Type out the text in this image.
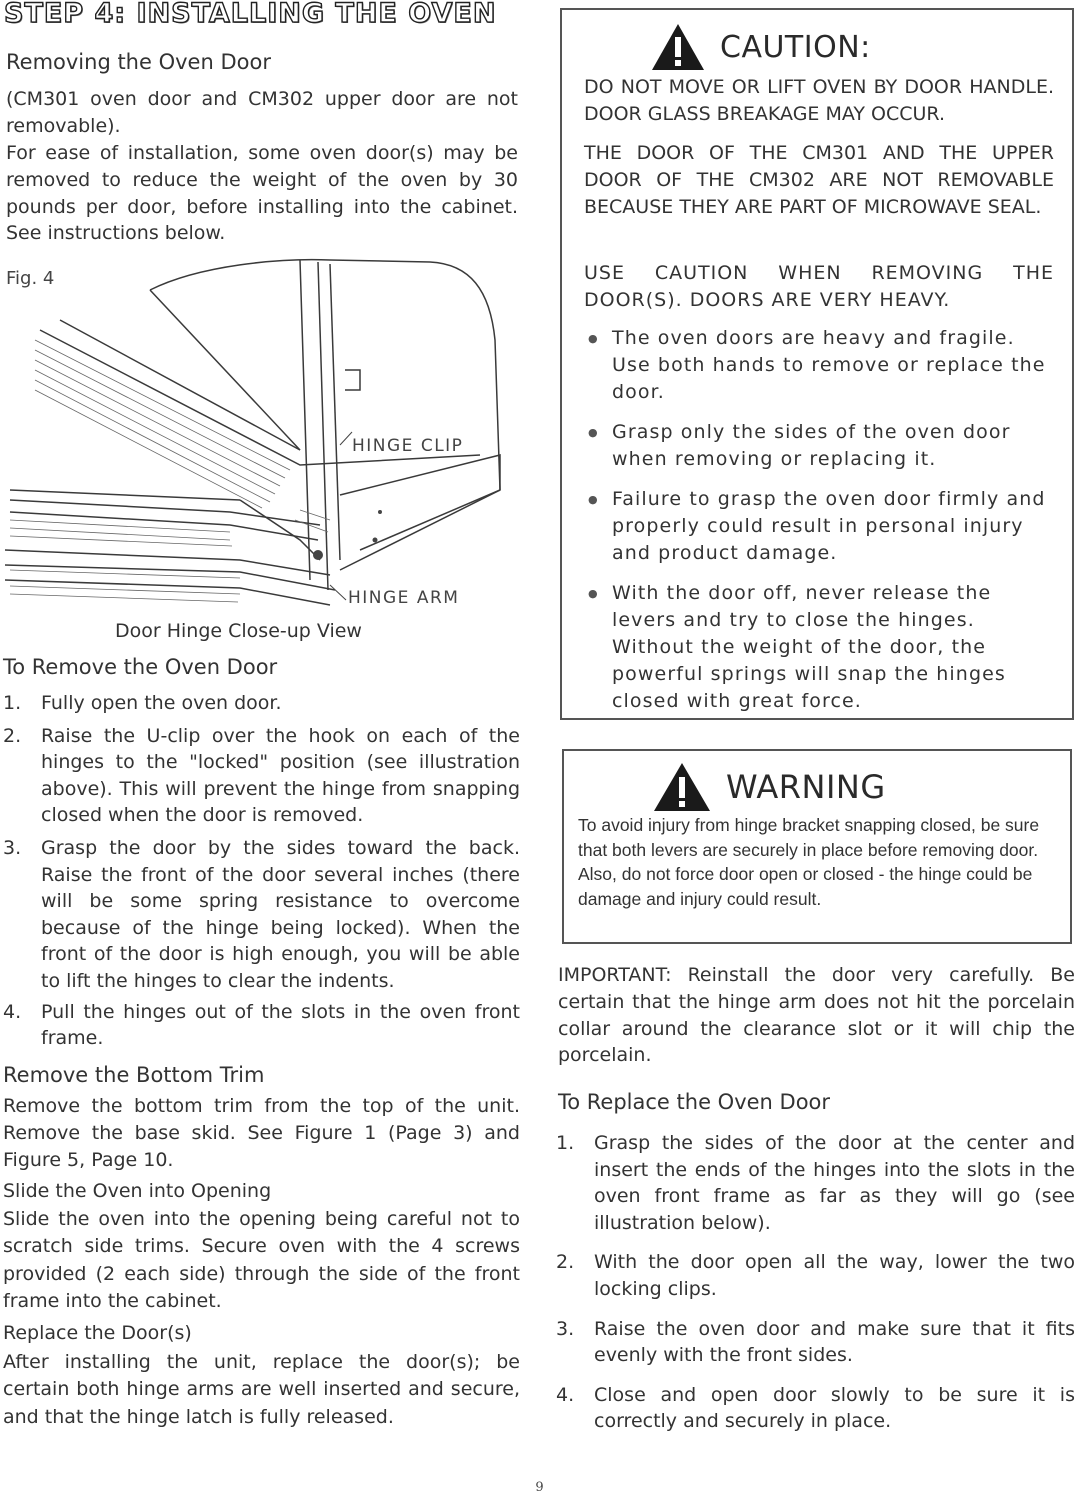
STEP 4: INSTALLING THE OVEN
Removing the Oven Door
(CM301 oven door and CM302 upper door are not removable).
For ease of installation, some oven door(s) may be removed to reduce the weight of the oven by 30 pounds per door, before installing into the cabinet. See instructions below.
Fig. 4
HINGE CLIP
HINGE ARM
Door Hinge Close-up View
To Remove the Oven Door
1. Fully open the oven door.
2. Raise the U-clip over the hook on each of the hinges to the "locked" position (see illustration above). This will prevent the hinge from snapping closed when the door is removed.
3. Grasp the door by the sides toward the back. Raise the front of the door several inches (there will be some spring resistance to overcome because of the hinge being locked). When the front of the door is high enough, you will be able to lift the hinges to clear the indents.
4. Pull the hinges out of the slots in the oven front frame.
Remove the Bottom Trim
Remove the bottom trim from the top of the unit. Remove the base skid. See Figure 1 (Page 3) and Figure 5, Page 10.
Slide the Oven into Opening
Slide the oven into the opening being careful not to scratch side trims. Secure oven with the 4 screws provided (2 each side) through the side of the front frame into the cabinet.
Replace the Door(s)
After installing the unit, replace the door(s); be certain both hinge arms are well inserted and secure, and that the hinge latch is fully released.
CAUTION:
DO NOT MOVE OR LIFT OVEN BY DOOR HANDLE. DOOR GLASS BREAKAGE MAY OCCUR.
THE DOOR OF THE CM301 AND THE UPPER DOOR OF THE CM302 ARE NOT REMOVABLE BECAUSE THEY ARE PART OF MICROWAVE SEAL.
USE CAUTION WHEN REMOVING THE DOOR(S). DOORS ARE VERY HEAVY.
● The oven doors are heavy and fragile. Use both hands to remove or replace the door.
● Grasp only the sides of the oven door when removing or replacing it.
● Failure to grasp the oven door firmly and properly could result in personal injury and product damage.
● With the door off, never release the levers and try to close the hinges. Without the weight of the door, the powerful springs will snap the hinges closed with great force.
WARNING
To avoid injury from hinge bracket snapping closed, be sure that both levers are securely in place before removing door.
Also, do not force door open or closed - the hinge could be damage and injury could result.
IMPORTANT: Reinstall the door very carefully. Be certain that the hinge arm does not hit the porcelain collar around the clearance slot or it will chip the porcelain.
To Replace the Oven Door
1. Grasp the sides of the door at the center and insert the ends of the hinges into the slots in the oven front frame as far as they will go (see illustration below).
2. With the door open all the way, lower the two locking clips.
3. Raise the oven door and make sure that it fits evenly with the front sides.
4. Close and open door slowly to be sure it is correctly and securely in place.
9
